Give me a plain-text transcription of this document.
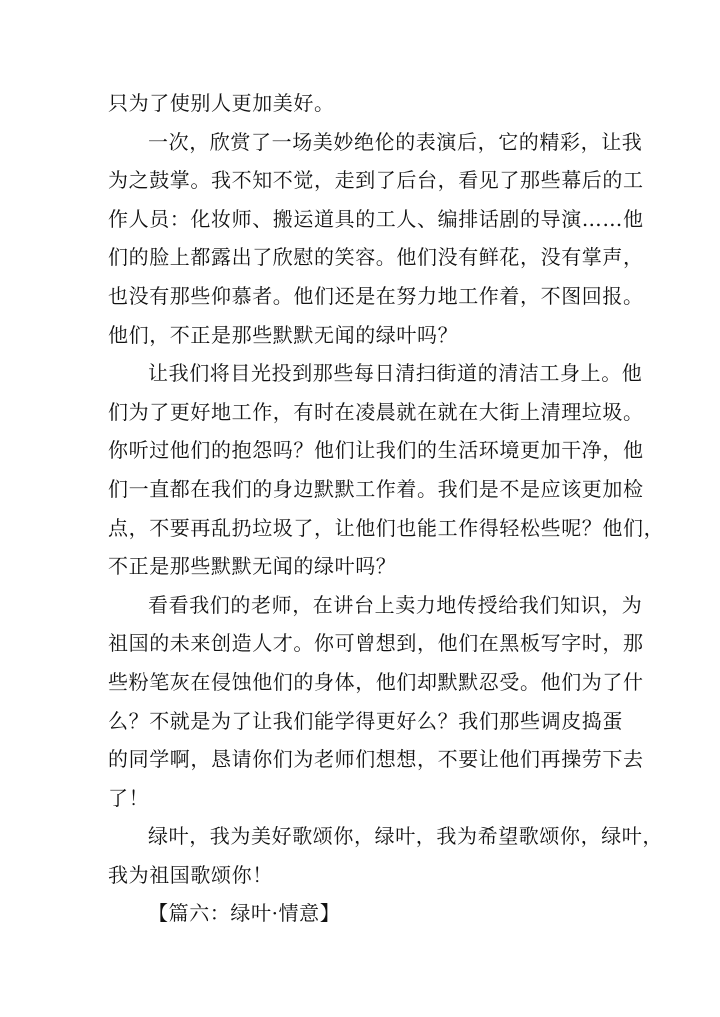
只为了使别人更加美好。
一次，欣赏了一场美妙绝伦的表演后，它的精彩，让我
为之鼓掌。我不知不觉，走到了后台，看见了那些幕后的工
作人员：化妆师、搬运道具的工人、编排话剧的导演……他
们的脸上都露出了欣慰的笑容。他们没有鲜花，没有掌声，
也没有那些仰慕者。他们还是在努力地工作着，不图回报。
他们，不正是那些默默无闻的绿叶吗？
让我们将目光投到那些每日清扫街道的清洁工身上。他
们为了更好地工作，有时在凌晨就在就在大街上清理垃圾。
你听过他们的抱怨吗？他们让我们的生活环境更加干净，他
们一直都在我们的身边默默工作着。我们是不是应该更加检
点，不要再乱扔垃圾了，让他们也能工作得轻松些呢？他们，
不正是那些默默无闻的绿叶吗？
看看我们的老师，在讲台上卖力地传授给我们知识，为
祖国的未来创造人才。你可曾想到，他们在黑板写字时，那
些粉笔灰在侵蚀他们的身体，他们却默默忍受。他们为了什
么？不就是为了让我们能学得更好么？我们那些调皮捣蛋
的同学啊，恳请你们为老师们想想，不要让他们再操劳下去
了！
绿叶，我为美好歌颂你，绿叶，我为希望歌颂你，绿叶，
我为祖国歌颂你！
【篇六：绿叶·情意】
